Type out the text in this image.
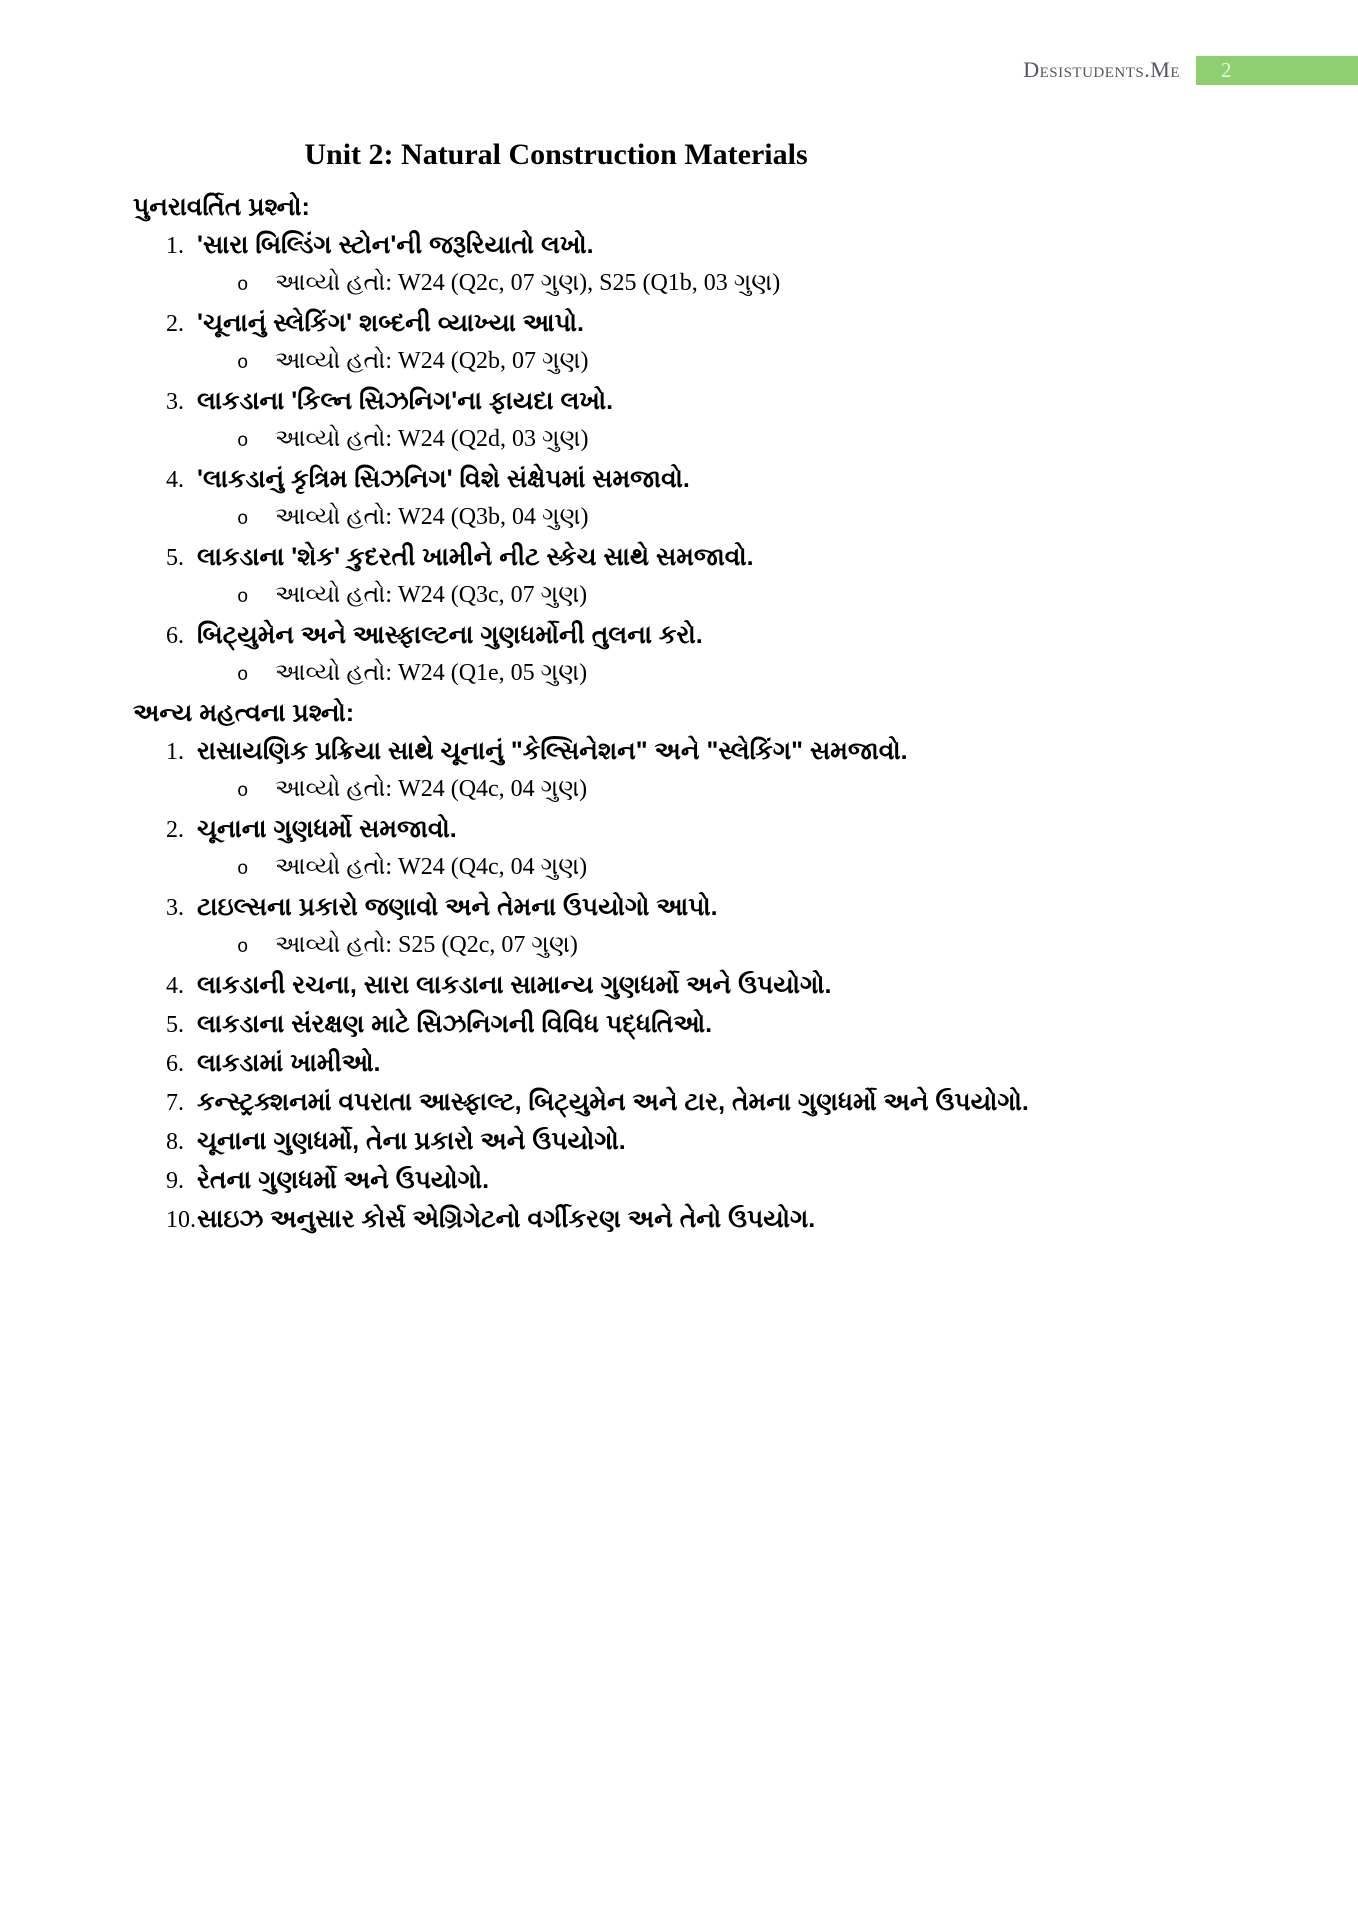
Desistudents.Me	2
Unit 2: Natural Construction Materials
પુનરાવર્તિત પ્રશ્નો:
1. 'સારા બિલ્ડિંગ સ્ટોન'ની જરૂરિયાતો લખો.
o	આવ્યો હતો: W24 (Q2c, 07 ગુણ), S25 (Q1b, 03 ગુણ)
2. 'ચૂનાનું સ્લેકિંગ' શબ્દની વ્યાખ્યા આપો.
o	આવ્યો હતો: W24 (Q2b, 07 ગુણ)
3. લાકડાના 'કિલ્ન સિઝનિગ'ના ફાયદા લખો.
o	આવ્યો હતો: W24 (Q2d, 03 ગુણ)
4. 'લાકડાનું કૃત્રિમ સિઝનિગ' વિશે સંક્ષેપમાં સમજાવો.
o	આવ્યો હતો: W24 (Q3b, 04 ગુણ)
5. લાકડાના 'શેક' કુદરતી ખામીને નીટ સ્કેચ સાથે સમજાવો.
o	આવ્યો હતો: W24 (Q3c, 07 ગુણ)
6. બિટ્યુમેન અને આસ્ફાલ્ટના ગુણધર્મોની તુલના કરો.
o	આવ્યો હતો: W24 (Q1e, 05 ગુણ)
અન્ય મહત્વના પ્રશ્નો:
1. રાસાયણિક પ્રક્રિયા સાથે ચૂનાનું "કેલ્સિનેશન" અને "સ્લેકિંગ" સમજાવો.
o	આવ્યો હતો: W24 (Q4c, 04 ગુણ)
2. ચૂનાના ગુણધર્મો સમજાવો.
o	આવ્યો હતો: W24 (Q4c, 04 ગુણ)
3. ટાઇલ્સના પ્રકારો જણાવો અને તેમના ઉપયોગો આપો.
o	આવ્યો હતો: S25 (Q2c, 07 ગુણ)
4. લાકડાની રચના, સારા લાકડાના સામાન્ય ગુણધર્મો અને ઉપયોગો.
5. લાકડાના સંરક્ષણ માટે સિઝનિગની વિવિધ પદ્ધતિઓ.
6. લાકડામાં ખામીઓ.
7. કન્સ્ટ્રક્શનમાં વપરાતા આસ્ફાલ્ટ, બિટ્યુમેન અને ટાર, તેમના ગુણધર્મો અને ઉપયોગો.
8. ચૂનાના ગુણધર્મો, તેના પ્રકારો અને ઉપયોગો.
9. રેતના ગુણધર્મો અને ઉપયોગો.
10. સાઇઝ અનુસાર કોર્સ એગ્રિગેટનો વર્ગીકરણ અને તેનો ઉપયોગ.
